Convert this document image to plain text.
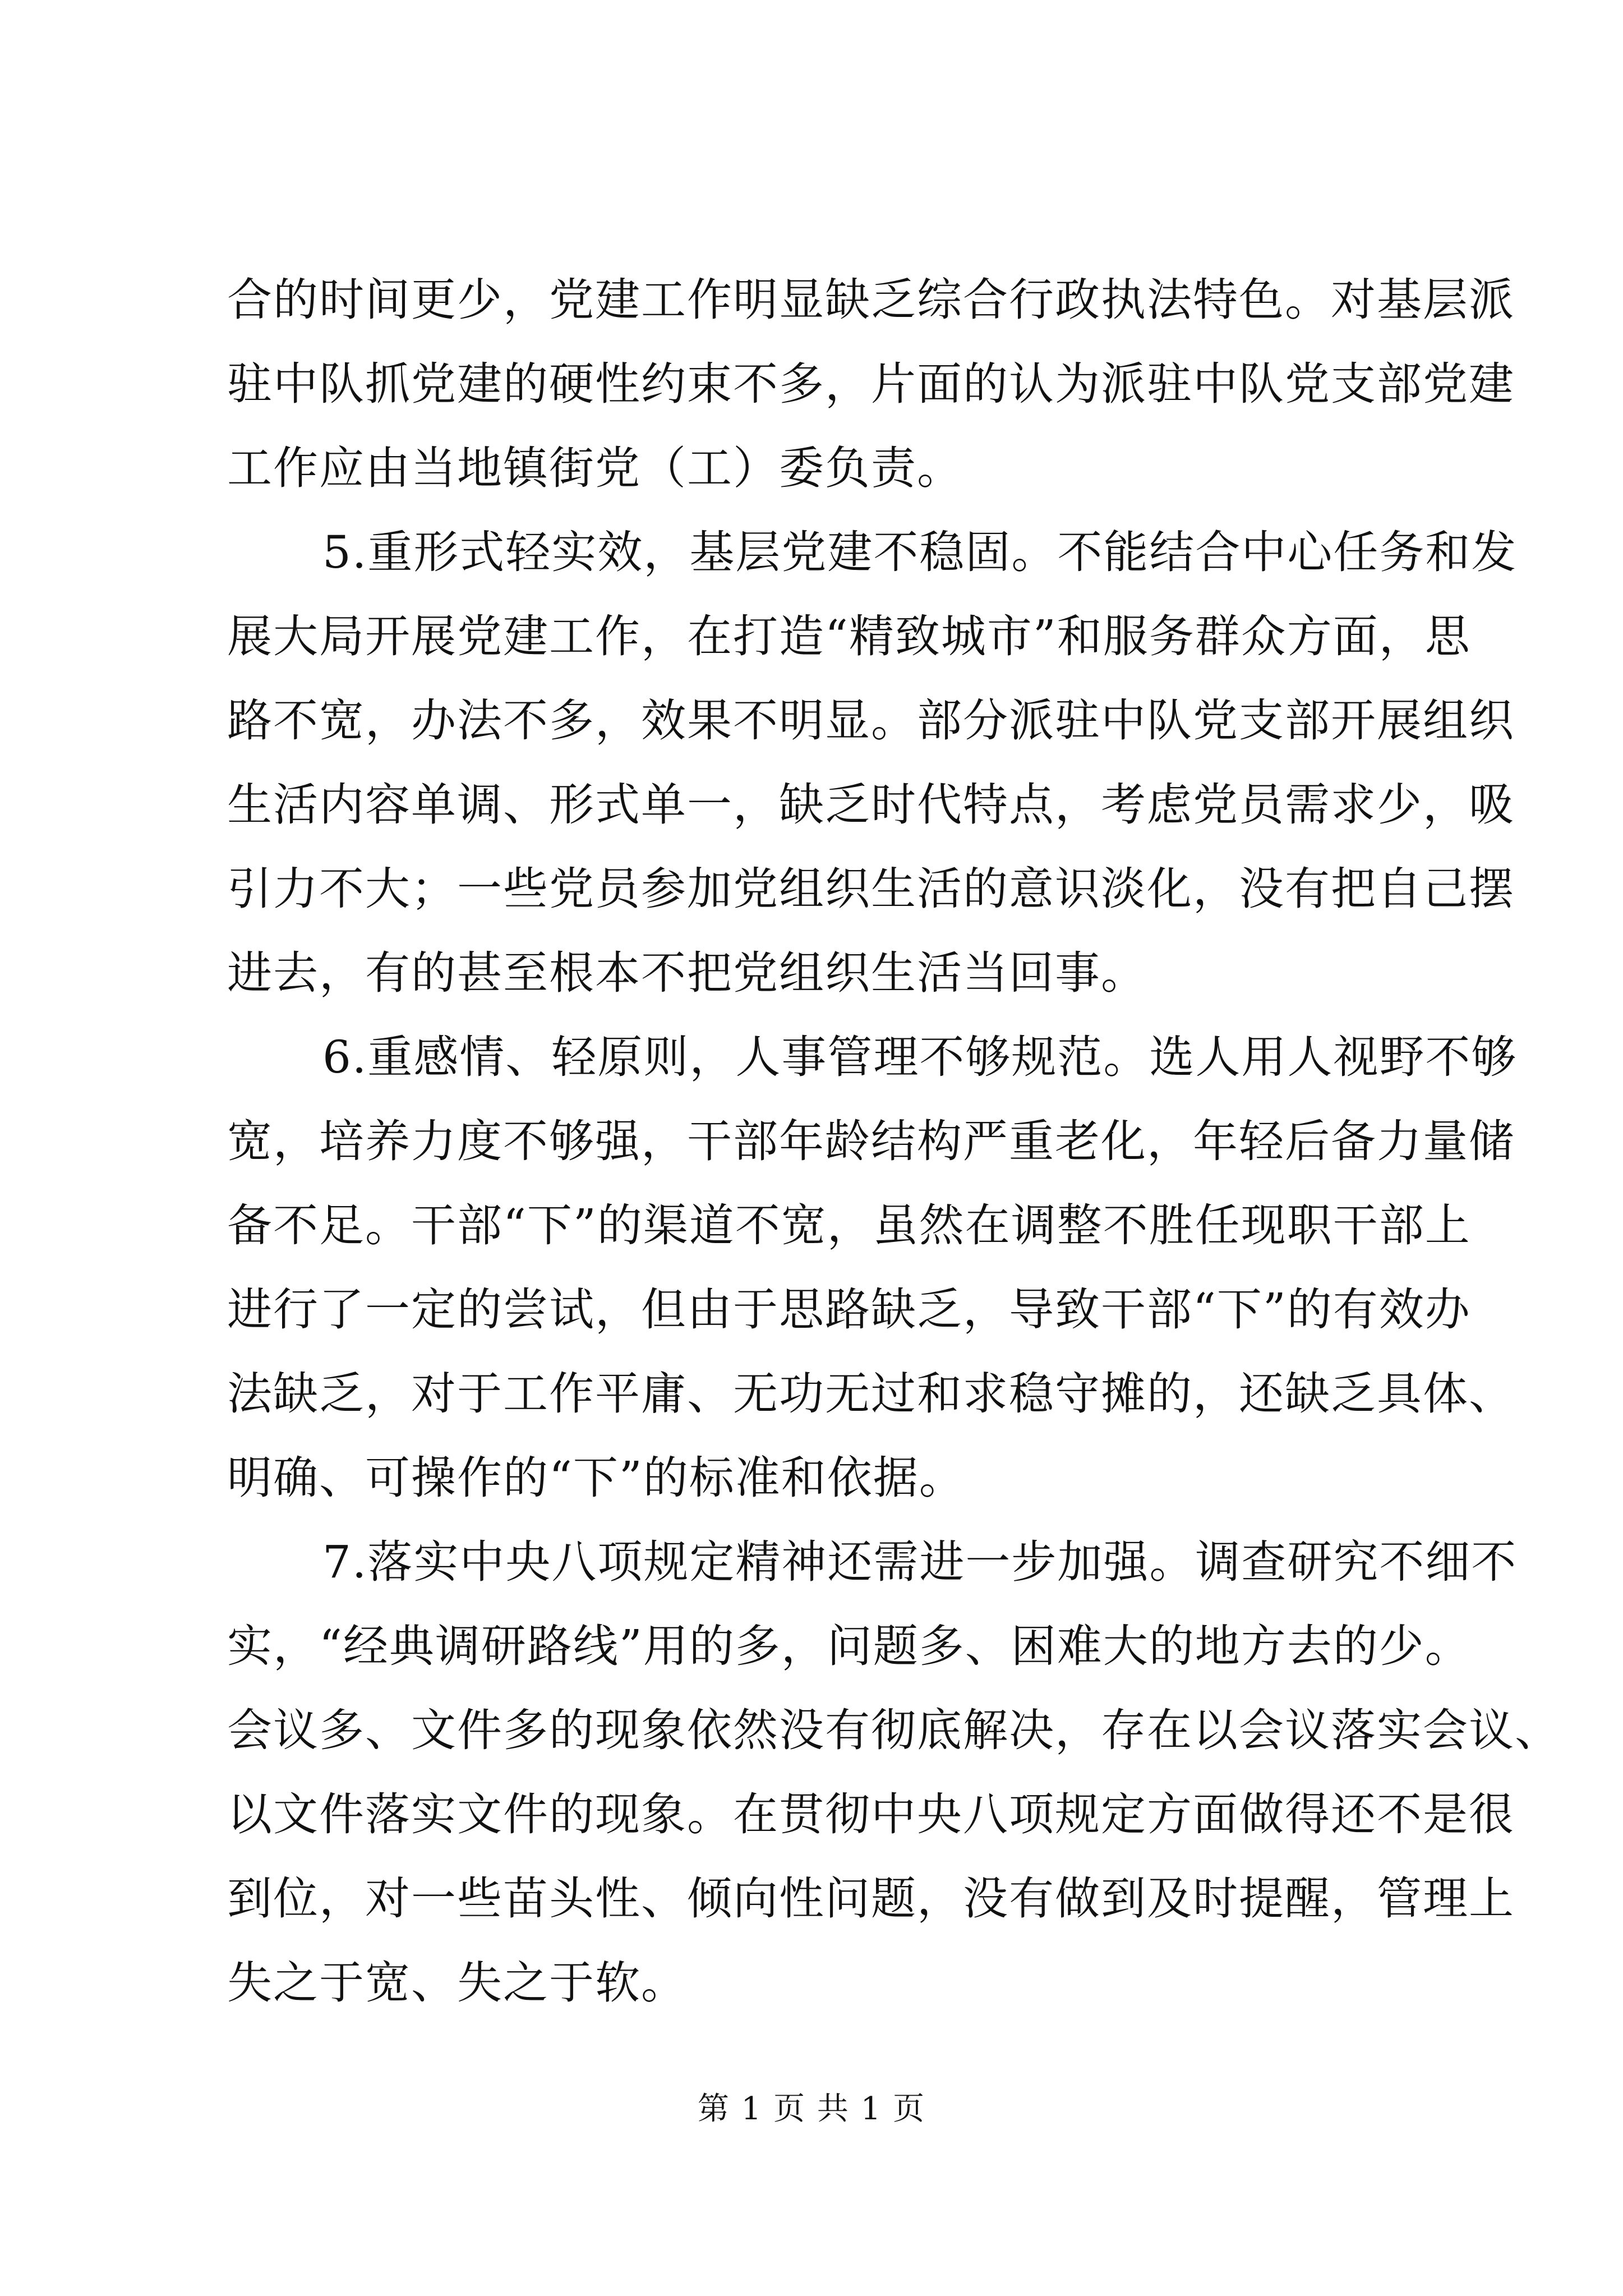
合的时间更少，党建工作明显缺乏综合行政执法特色。对基层派
驻中队抓党建的硬性约束不多，片面的认为派驻中队党支部党建
工作应由当地镇街党（工）委负责。
5.重形式轻实效，基层党建不稳固。不能结合中心任务和发
展大局开展党建工作，在打造“精致城市”和服务群众方面，思
路不宽，办法不多，效果不明显。部分派驻中队党支部开展组织
生活内容单调、形式单一，缺乏时代特点，考虑党员需求少，吸
引力不大；一些党员参加党组织生活的意识淡化，没有把自己摆
进去，有的甚至根本不把党组织生活当回事。
6.重感情、轻原则，人事管理不够规范。选人用人视野不够
宽，培养力度不够强，干部年龄结构严重老化，年轻后备力量储
备不足。干部“下”的渠道不宽，虽然在调整不胜任现职干部上
进行了一定的尝试，但由于思路缺乏，导致干部“下”的有效办
法缺乏，对于工作平庸、无功无过和求稳守摊的，还缺乏具体、
明确、可操作的“下”的标准和依据。
7.落实中央八项规定精神还需进一步加强。调查研究不细不
实，“经典调研路线”用的多，问题多、困难大的地方去的少。
会议多、文件多的现象依然没有彻底解决，存在以会议落实会议、
以文件落实文件的现象。在贯彻中央八项规定方面做得还不是很
到位，对一些苗头性、倾向性问题，没有做到及时提醒，管理上
失之于宽、失之于软。
第 1 页 共 1 页
